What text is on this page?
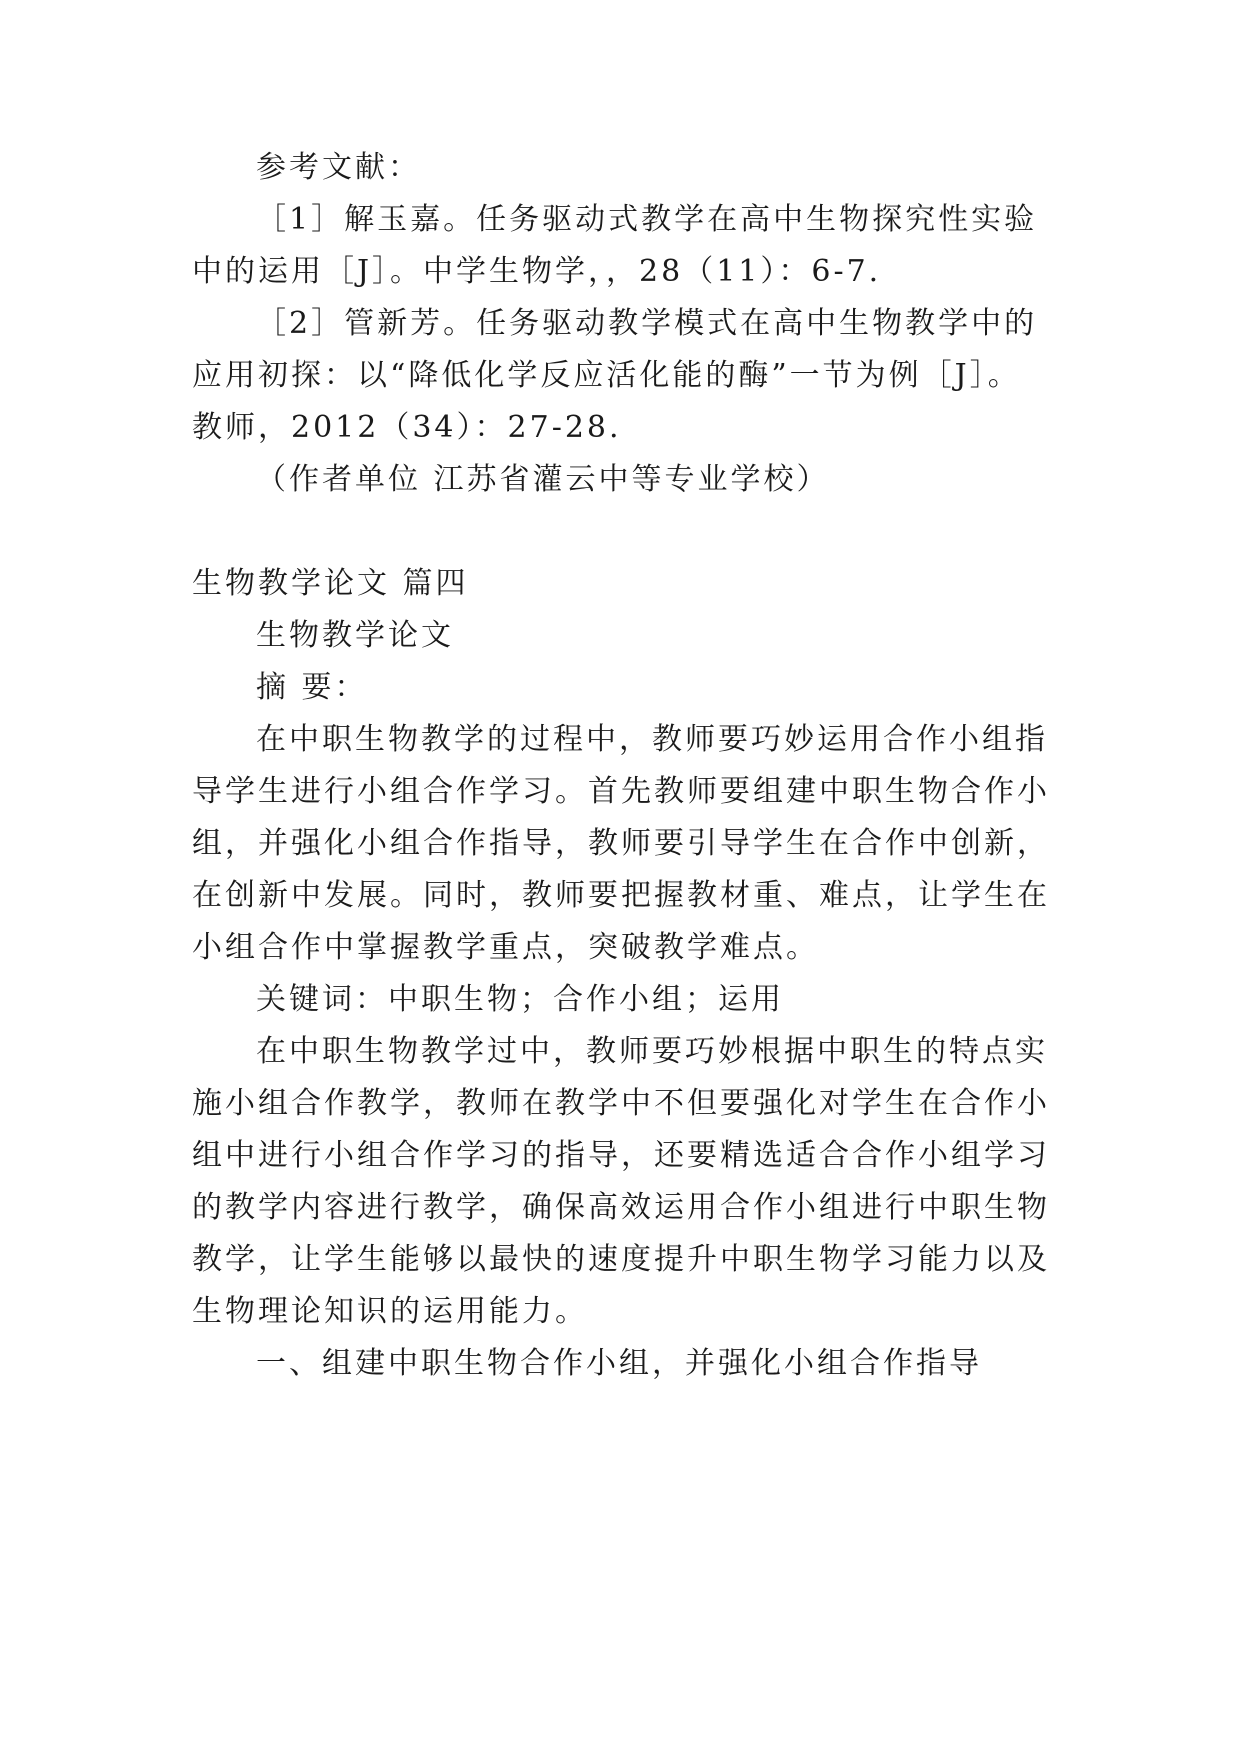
参考文献：
［1］解玉嘉。任务驱动式教学在高中生物探究性实验
中的运用［J］。中学生物学，，28（11）：6-7.
［2］管新芳。任务驱动教学模式在高中生物教学中的
应用初探：以“降低化学反应活化能的酶”一节为例［J］。
教师，2012（34）：27-28.
（作者单位 江苏省灌云中等专业学校）
生物教学论文 篇四
生物教学论文
摘 要：
在中职生物教学的过程中，教师要巧妙运用合作小组指
导学生进行小组合作学习。首先教师要组建中职生物合作小
组，并强化小组合作指导，教师要引导学生在合作中创新，
在创新中发展。同时，教师要把握教材重、难点，让学生在
小组合作中掌握教学重点，突破教学难点。
关键词：中职生物；合作小组；运用
在中职生物教学过中，教师要巧妙根据中职生的特点实
施小组合作教学，教师在教学中不但要强化对学生在合作小
组中进行小组合作学习的指导，还要精选适合合作小组学习
的教学内容进行教学，确保高效运用合作小组进行中职生物
教学，让学生能够以最快的速度提升中职生物学习能力以及
生物理论知识的运用能力。
一、组建中职生物合作小组，并强化小组合作指导
